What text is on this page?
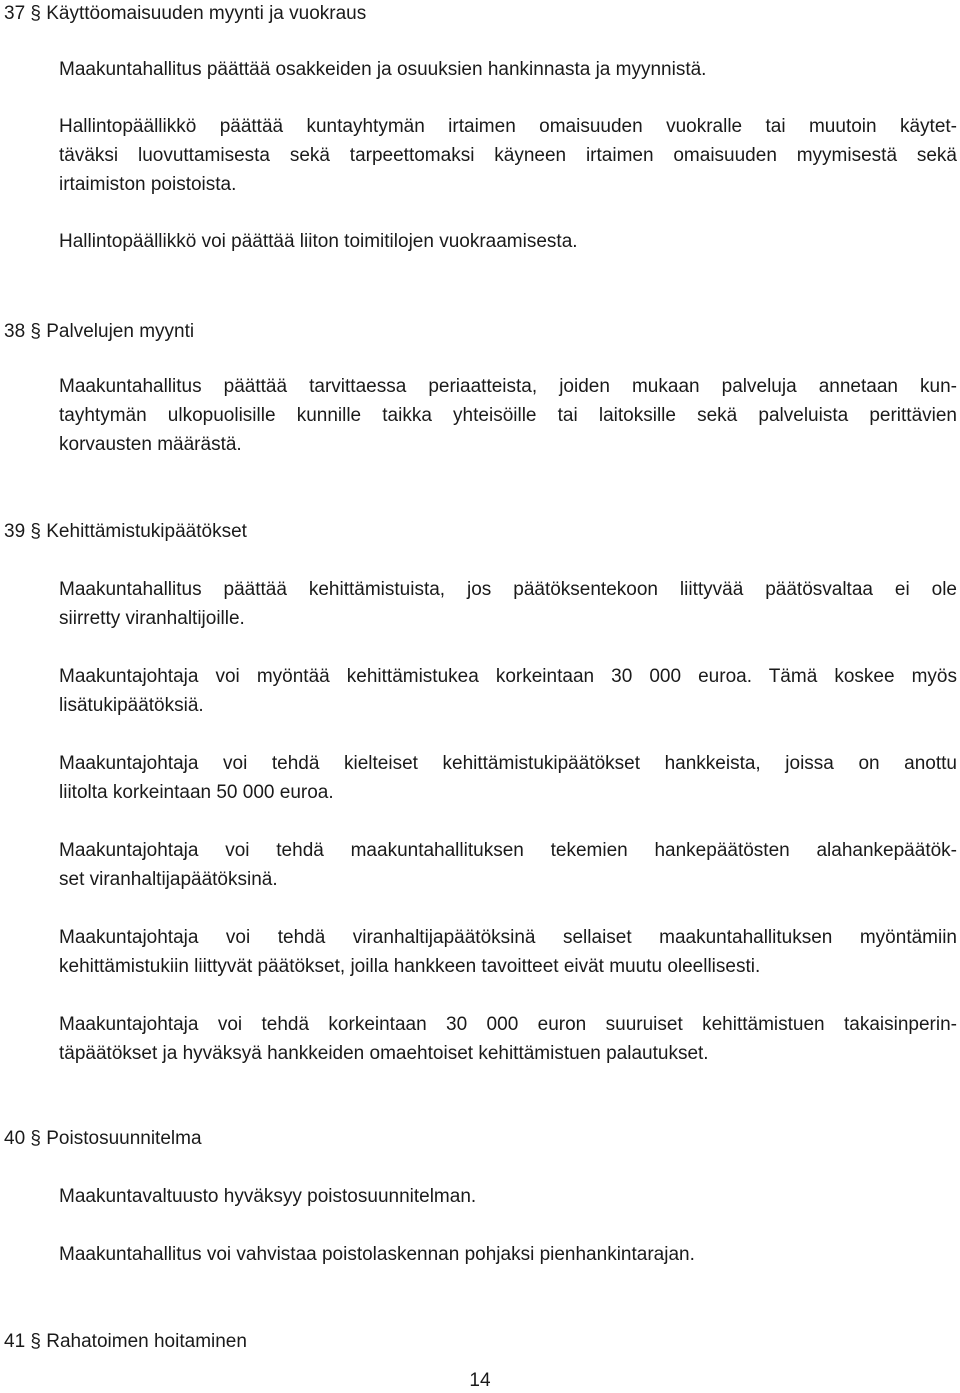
37 § Käyttöomaisuuden myynti ja vuokraus
Maakuntahallitus päättää osakkeiden ja osuuksien hankinnasta ja myynnistä.
Hallintopäällikkö päättää kuntayhtymän irtaimen omaisuuden vuokralle tai muutoin käytet-
täväksi luovuttamisesta sekä tarpeettomaksi käyneen irtaimen omaisuuden myymisestä sekä
irtaimiston poistoista.
Hallintopäällikkö voi päättää liiton toimitilojen vuokraamisesta.
38 § Palvelujen myynti
Maakuntahallitus päättää tarvittaessa periaatteista, joiden mukaan palveluja annetaan kun-
tayhtymän ulkopuolisille kunnille taikka yhteisöille tai laitoksille sekä palveluista perittävien
korvausten määrästä.
39 § Kehittämistukipäätökset
Maakuntahallitus päättää kehittämistuista, jos päätöksentekoon liittyvää päätösvaltaa ei ole
siirretty viranhaltijoille.
Maakuntajohtaja voi myöntää kehittämistukea korkeintaan 30 000 euroa. Tämä koskee myös
lisätukipäätöksiä.
Maakuntajohtaja voi tehdä kielteiset kehittämistukipäätökset hankkeista, joissa on anottu
liitolta korkeintaan 50 000 euroa.
Maakuntajohtaja voi tehdä maakuntahallituksen tekemien hankepäätösten alahankepäätök-
set viranhaltijapäätöksinä.
Maakuntajohtaja voi tehdä viranhaltijapäätöksinä sellaiset maakuntahallituksen myöntämiin
kehittämistukiin liittyvät päätökset, joilla hankkeen tavoitteet eivät muutu oleellisesti.
Maakuntajohtaja voi tehdä korkeintaan 30 000 euron suuruiset kehittämistuen takaisinperin-
täpäätökset ja hyväksyä hankkeiden omaehtoiset kehittämistuen palautukset.
40 § Poistosuunnitelma
Maakuntavaltuusto hyväksyy poistosuunnitelman.
Maakuntahallitus voi vahvistaa poistolaskennan pohjaksi pienhankintarajan.
41 § Rahatoimen hoitaminen
14
